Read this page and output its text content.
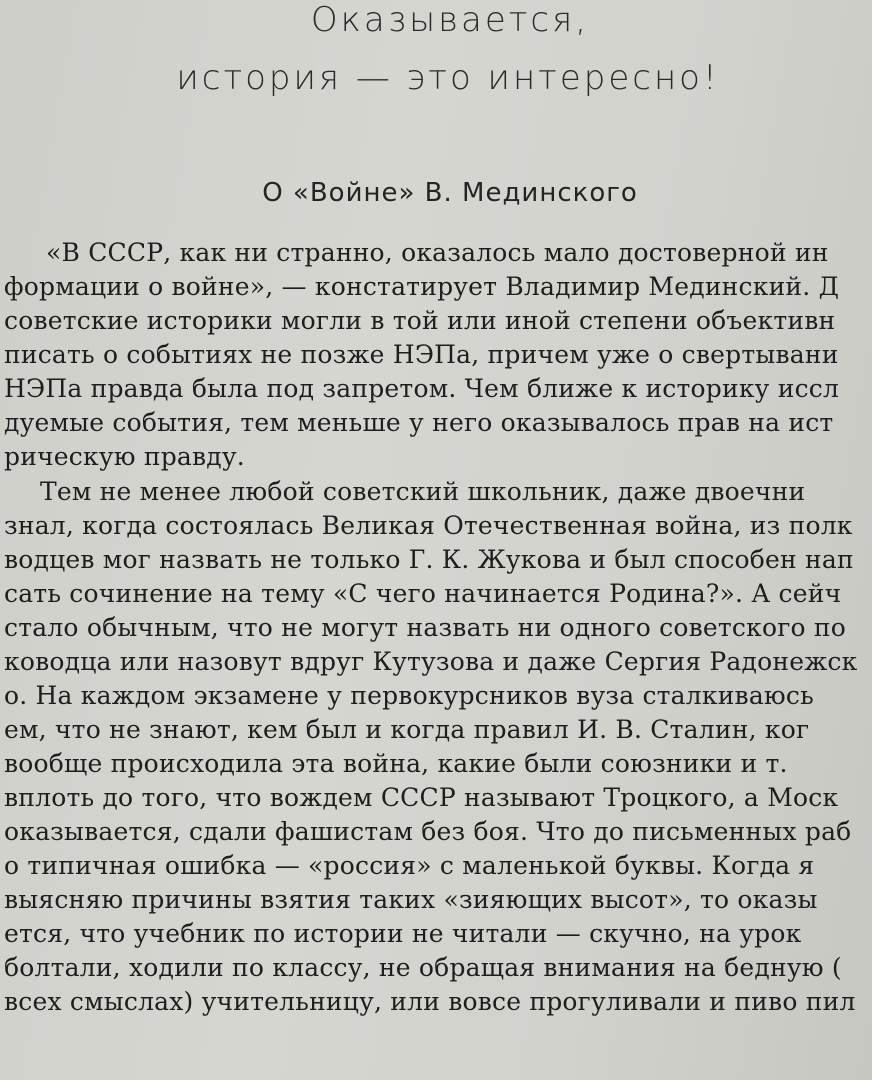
Оказывается,
история — это интересно!
О «Войне» В. Мединского
«В СССР, как ни странно, оказалось мало достоверной ин
формации о войне», — констатирует Владимир Мединский. Д
советские историки могли в той или иной степени объективн
писать о событиях не позже НЭПа, причем уже о свертывани
НЭПа правда была под запретом. Чем ближе к историку иссл
дуемые события, тем меньше у него оказывалось прав на ист
рическую правду.
Тем не менее любой советский школьник, даже двоечни
знал, когда состоялась Великая Отечественная война, из полк
водцев мог назвать не только Г. К. Жукова и был способен нап
сать сочинение на тему «С чего начинается Родина?». А сейч
стало обычным, что не могут назвать ни одного советского по
ководца или назовут вдруг Кутузова и даже Сергия Радонежск
о. На каждом экзамене у первокурсников вуза сталкиваюсь
ем, что не знают, кем был и когда правил И. В. Сталин, ког
вообще происходила эта война, какие были союзники и т.
вплоть до того, что вождем СССР называют Троцкого, а Моск
оказывается, сдали фашистам без боя. Что до письменных раб
о типичная ошибка — «россия» с маленькой буквы. Когда я
выясняю причины взятия таких «зияющих высот», то оказы
ется, что учебник по истории не читали — скучно, на урок
болтали, ходили по классу, не обращая внимания на бедную (
всех смыслах) учительницу, или вовсе прогуливали и пиво пил
